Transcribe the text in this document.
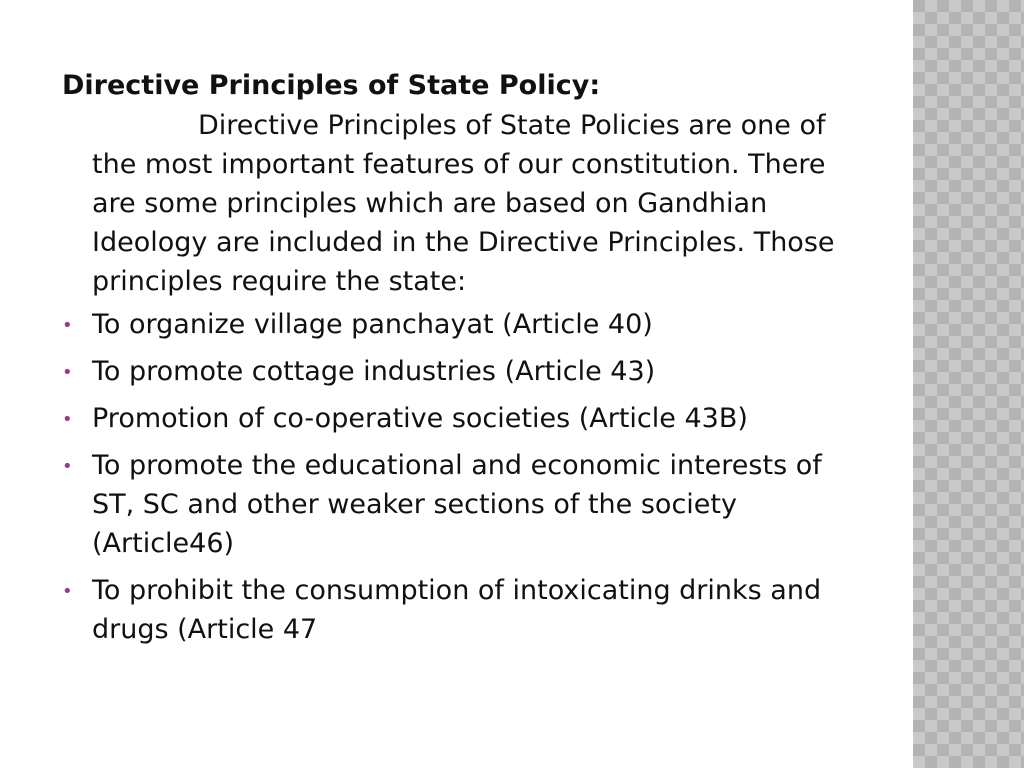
Directive Principles of State Policy:

Directive Principles of State Policies are one of the most important features of our constitution. There are some principles which are based on Gandhian Ideology are included in the Directive Principles. Those principles require the state:

• To organize village panchayat (Article 40)
• To promote cottage industries (Article 43)
• Promotion of co-operative societies (Article 43B)
• To promote the educational and economic interests of ST, SC and other weaker sections of the society (Article46)
• To prohibit the consumption of intoxicating drinks and drugs (Article 47
